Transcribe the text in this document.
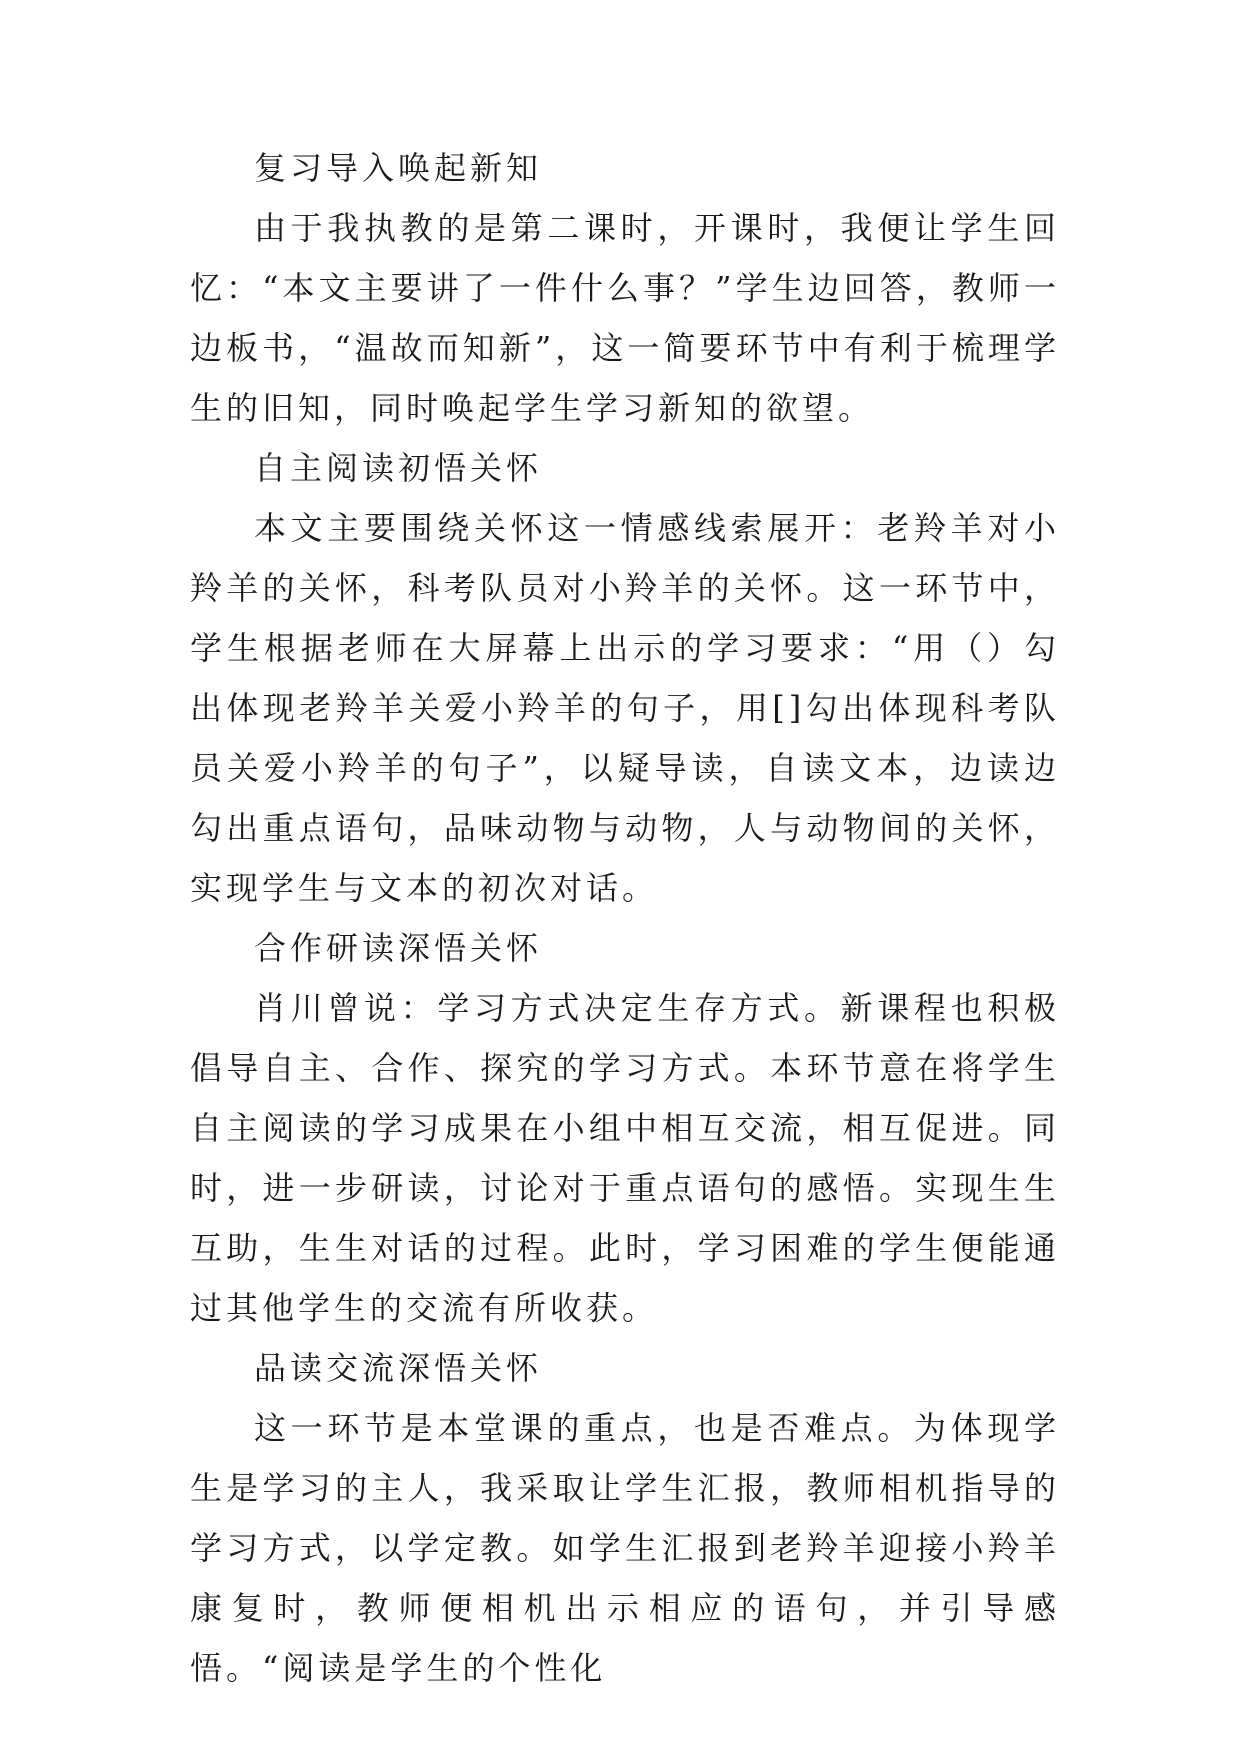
复习导入唤起新知

由于我执教的是第二课时，开课时，我便让学生回忆：“本文主要讲了一件什么事？”学生边回答，教师一边板书，“温故而知新”，这一简要环节中有利于梳理学生的旧知，同时唤起学生学习新知的欲望。

自主阅读初悟关怀

本文主要围绕关怀这一情感线索展开：老羚羊对小羚羊的关怀，科考队员对小羚羊的关怀。这一环节中，学生根据老师在大屏幕上出示的学习要求：“用（）勾出体现老羚羊关爱小羚羊的句子，用[]勾出体现科考队员关爱小羚羊的句子”，以疑导读，自读文本，边读边勾出重点语句，品味动物与动物，人与动物间的关怀，实现学生与文本的初次对话。

合作研读深悟关怀

肖川曾说：学习方式决定生存方式。新课程也积极倡导自主、合作、探究的学习方式。本环节意在将学生自主阅读的学习成果在小组中相互交流，相互促进。同时，进一步研读，讨论对于重点语句的感悟。实现生生互助，生生对话的过程。此时，学习困难的学生便能通过其他学生的交流有所收获。

品读交流深悟关怀

这一环节是本堂课的重点，也是否难点。为体现学生是学习的主人，我采取让学生汇报，教师相机指导的学习方式，以学定教。如学生汇报到老羚羊迎接小羚羊康复时，教师便相机出示相应的语句，并引导感悟。“阅读是学生的个性化
